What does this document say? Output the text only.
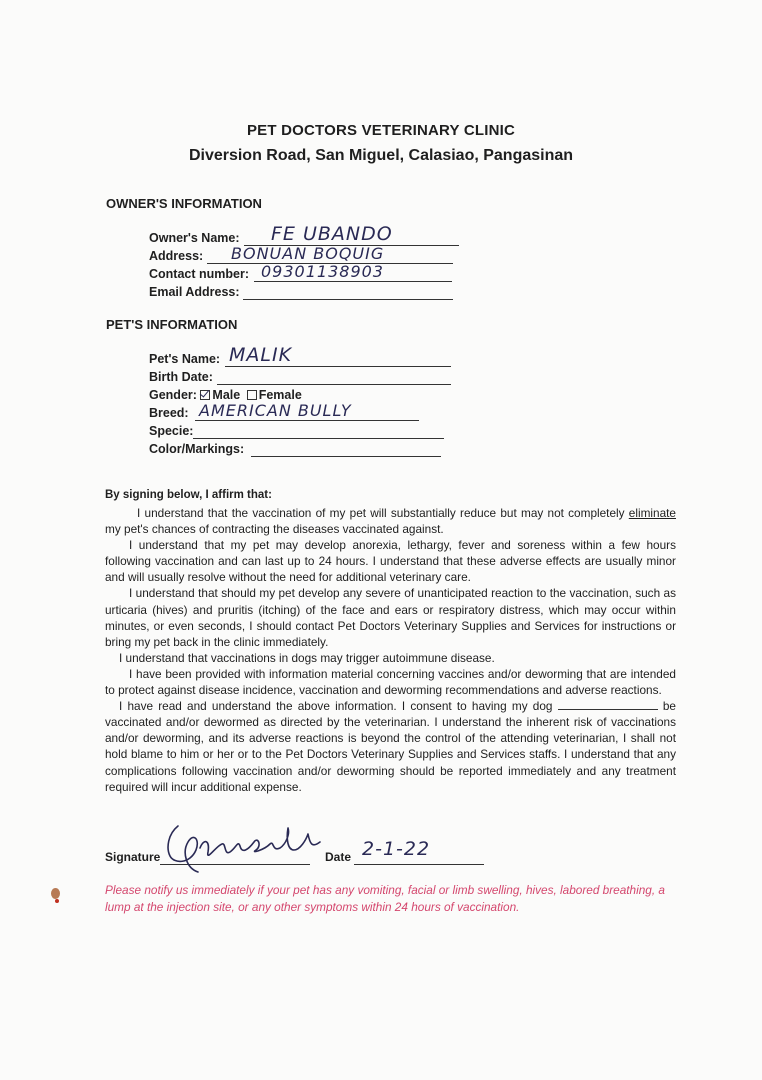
PET DOCTORS VETERINARY CLINIC
Diversion Road, San Miguel, Calasiao, Pangasinan
OWNER'S INFORMATION
Owner's Name: FE UBANDO
Address: BONUAN BOQUIG
Contact number: 09301138903
Email Address:
PET'S INFORMATION
Pet's Name: MALIK
Birth Date:
Gender: Male Female
Breed: AMERICAN BULLY
Specie:
Color/Markings:
By signing below, I affirm that:

I understand that the vaccination of my pet will substantially reduce but may not completely eliminate my pet's chances of contracting the diseases vaccinated against.

I understand that my pet may develop anorexia, lethargy, fever and soreness within a few hours following vaccination and can last up to 24 hours. I understand that these adverse effects are usually minor and will usually resolve without the need for additional veterinary care.

I understand that should my pet develop any severe of unanticipated reaction to the vaccination, such as urticaria (hives) and pruritis (itching) of the face and ears or respiratory distress, which may occur within minutes, or even seconds, I should contact Pet Doctors Veterinary Supplies and Services for instructions or bring my pet back in the clinic immediately.

I understand that vaccinations in dogs may trigger autoimmune disease.

I have been provided with information material concerning vaccines and/or deworming that are intended to protect against disease incidence, vaccination and deworming recommendations and adverse reactions.

I have read and understand the above information. I consent to having my dog	be vaccinated and/or dewormed as directed by the veterinarian. I understand the inherent risk of vaccinations and/or deworming, and its adverse reactions is beyond the control of the attending veterinarian, I shall not hold blame to him or her or to the Pet Doctors Veterinary Supplies and Services staffs. I understand that any complications following vaccination and/or deworming should be reported immediately and any treatment required will incur additional expense.

Signature	Date 2-1-22
Please notify us immediately if your pet has any vomiting, facial or limb swelling, hives, labored breathing, a lump at the injection site, or any other symptoms within 24 hours of vaccination.
